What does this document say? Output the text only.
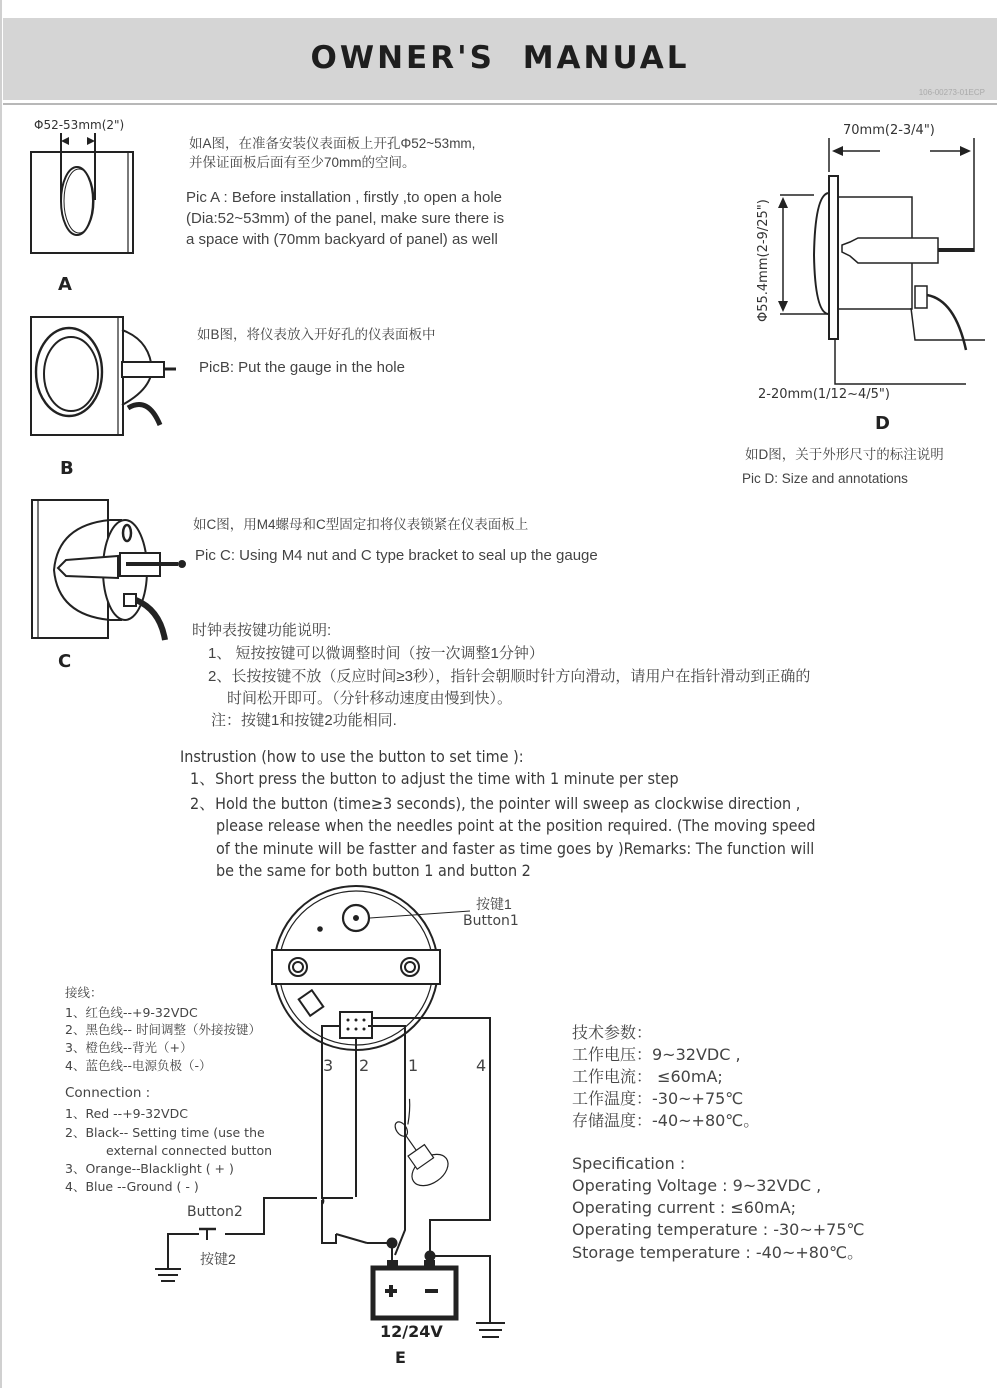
OWNER'S MANUAL
106-00273-01ECP
Φ52-53mm(2")
A
如A图，在准备安装仪表面板上开孔Φ52~53mm,
并保证面板后面有至少70mm的空间。
Pic A : Before installation , firstly ,to open a hole
(Dia:52~53mm) of the panel, make sure there is
a space with (70mm backyard of panel) as well
B
如B图，将仪表放入开好孔的仪表面板中
PicB: Put the gauge in the hole
C
如C图，用M4螺母和C型固定扣将仪表锁紧在仪表面板上
Pic C: Using M4 nut and C type bracket to seal up the gauge
70mm(2-3/4")
Φ55.4mm(2-9/25")
2-20mm(1/12~4/5")
D
如D图，关于外形尺寸的标注说明
Pic D: Size and annotations
时钟表按键功能说明:
1、 短按按键可以微调整时间（按一次调整1分钟）
2、长按按键不放（反应时间≥3秒），指针会朝顺时针方向滑动，请用户在指针滑动到正确的
时间松开即可。（分针移动速度由慢到快）。
注：按键1和按键2功能相同.
Instrustion (how to use the button to set time ):
1、Short press the button to adjust the time with 1 minute per step
2、Hold the button (time≥3 seconds), the pointer will sweep as clockwise direction ,
please release when the needles point at the position required. (The moving speed
of the minute will be fastter and faster as time goes by )Remarks: The function will
be the same for both button 1 and button 2
按键1
Button1
3 2 1	4
Button2
按键2
12/24V
E
接线：
1、红色线--+9-32VDC
2、黑色线-- 时间调整（外接按键）
3、橙色线--背光（+）
4、蓝色线--电源负极（-）
Connection :
1、Red --+9-32VDC
2、Black-- Setting time (use the
external connected button
3、Orange--Blacklight ( + )
4、Blue --Ground ( - )
技术参数：
工作电压：9~32VDC ,
工作电流： ≤60mA;
工作温度：-30~+75℃
存储温度：-40~+80℃。
Specification :
Operating Voltage : 9~32VDC ,
Operating current : ≤60mA;
Operating temperature : -30~+75℃
Storage temperature : -40~+80℃。
